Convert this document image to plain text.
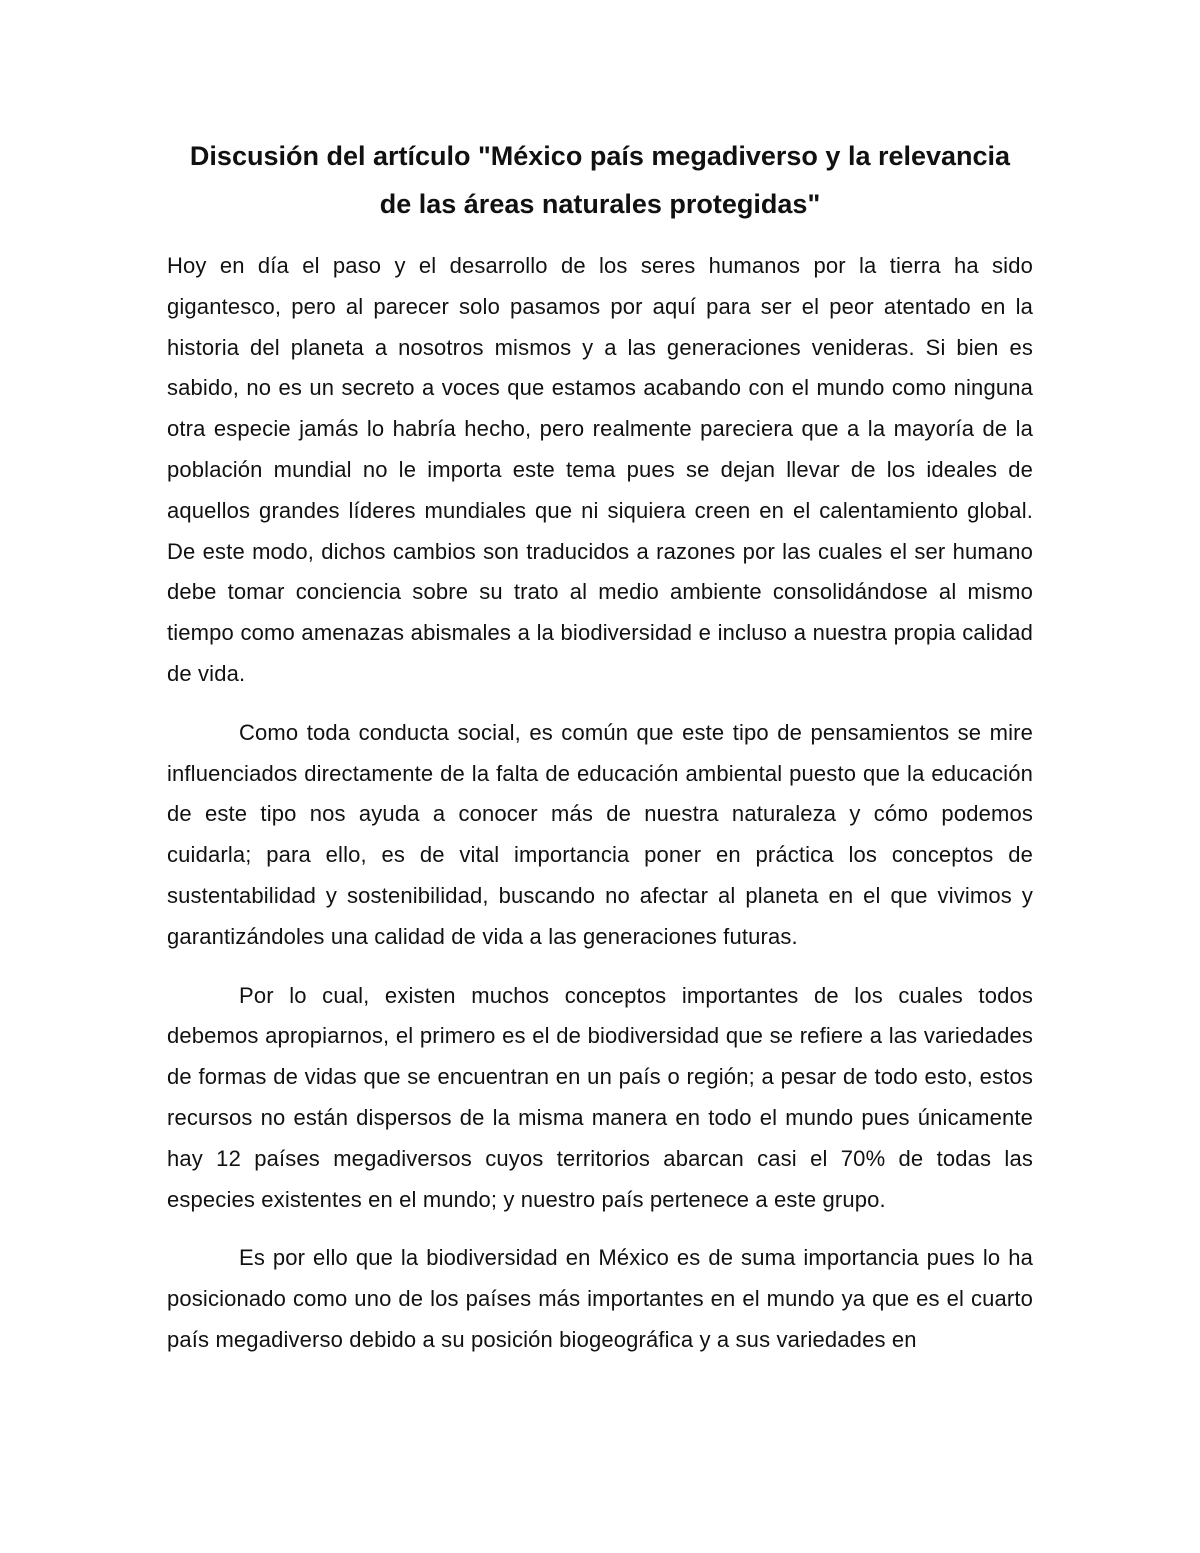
Discusión del artículo "México país megadiverso y la relevancia
de las áreas naturales protegidas"

Hoy en día el paso y el desarrollo de los seres humanos por la tierra ha sido gigantesco, pero al parecer solo pasamos por aquí para ser el peor atentado en la historia del planeta a nosotros mismos y a las generaciones venideras. Si bien es sabido, no es un secreto a voces que estamos acabando con el mundo como ninguna otra especie jamás lo habría hecho, pero realmente pareciera que a la mayoría de la población mundial no le importa este tema pues se dejan llevar de los ideales de aquellos grandes líderes mundiales que ni siquiera creen en el calentamiento global. De este modo, dichos cambios son traducidos a razones por las cuales el ser humano debe tomar conciencia sobre su trato al medio ambiente consolidándose al mismo tiempo como amenazas abismales a la biodiversidad e incluso a nuestra propia calidad de vida.

Como toda conducta social, es común que este tipo de pensamientos se mire influenciados directamente de la falta de educación ambiental puesto que la educación de este tipo nos ayuda a conocer más de nuestra naturaleza y cómo podemos cuidarla; para ello, es de vital importancia poner en práctica los conceptos de sustentabilidad y sostenibilidad, buscando no afectar al planeta en el que vivimos y garantizándoles una calidad de vida a las generaciones futuras.

Por lo cual, existen muchos conceptos importantes de los cuales todos debemos apropiarnos, el primero es el de biodiversidad que se refiere a las variedades de formas de vidas que se encuentran en un país o región; a pesar de todo esto, estos recursos no están dispersos de la misma manera en todo el mundo pues únicamente hay 12 países megadiversos cuyos territorios abarcan casi el 70% de todas las especies existentes en el mundo; y nuestro país pertenece a este grupo.

Es por ello que la biodiversidad en México es de suma importancia pues lo ha posicionado como uno de los países más importantes en el mundo ya que es el cuarto país megadiverso debido a su posición biogeográfica y a sus variedades en
